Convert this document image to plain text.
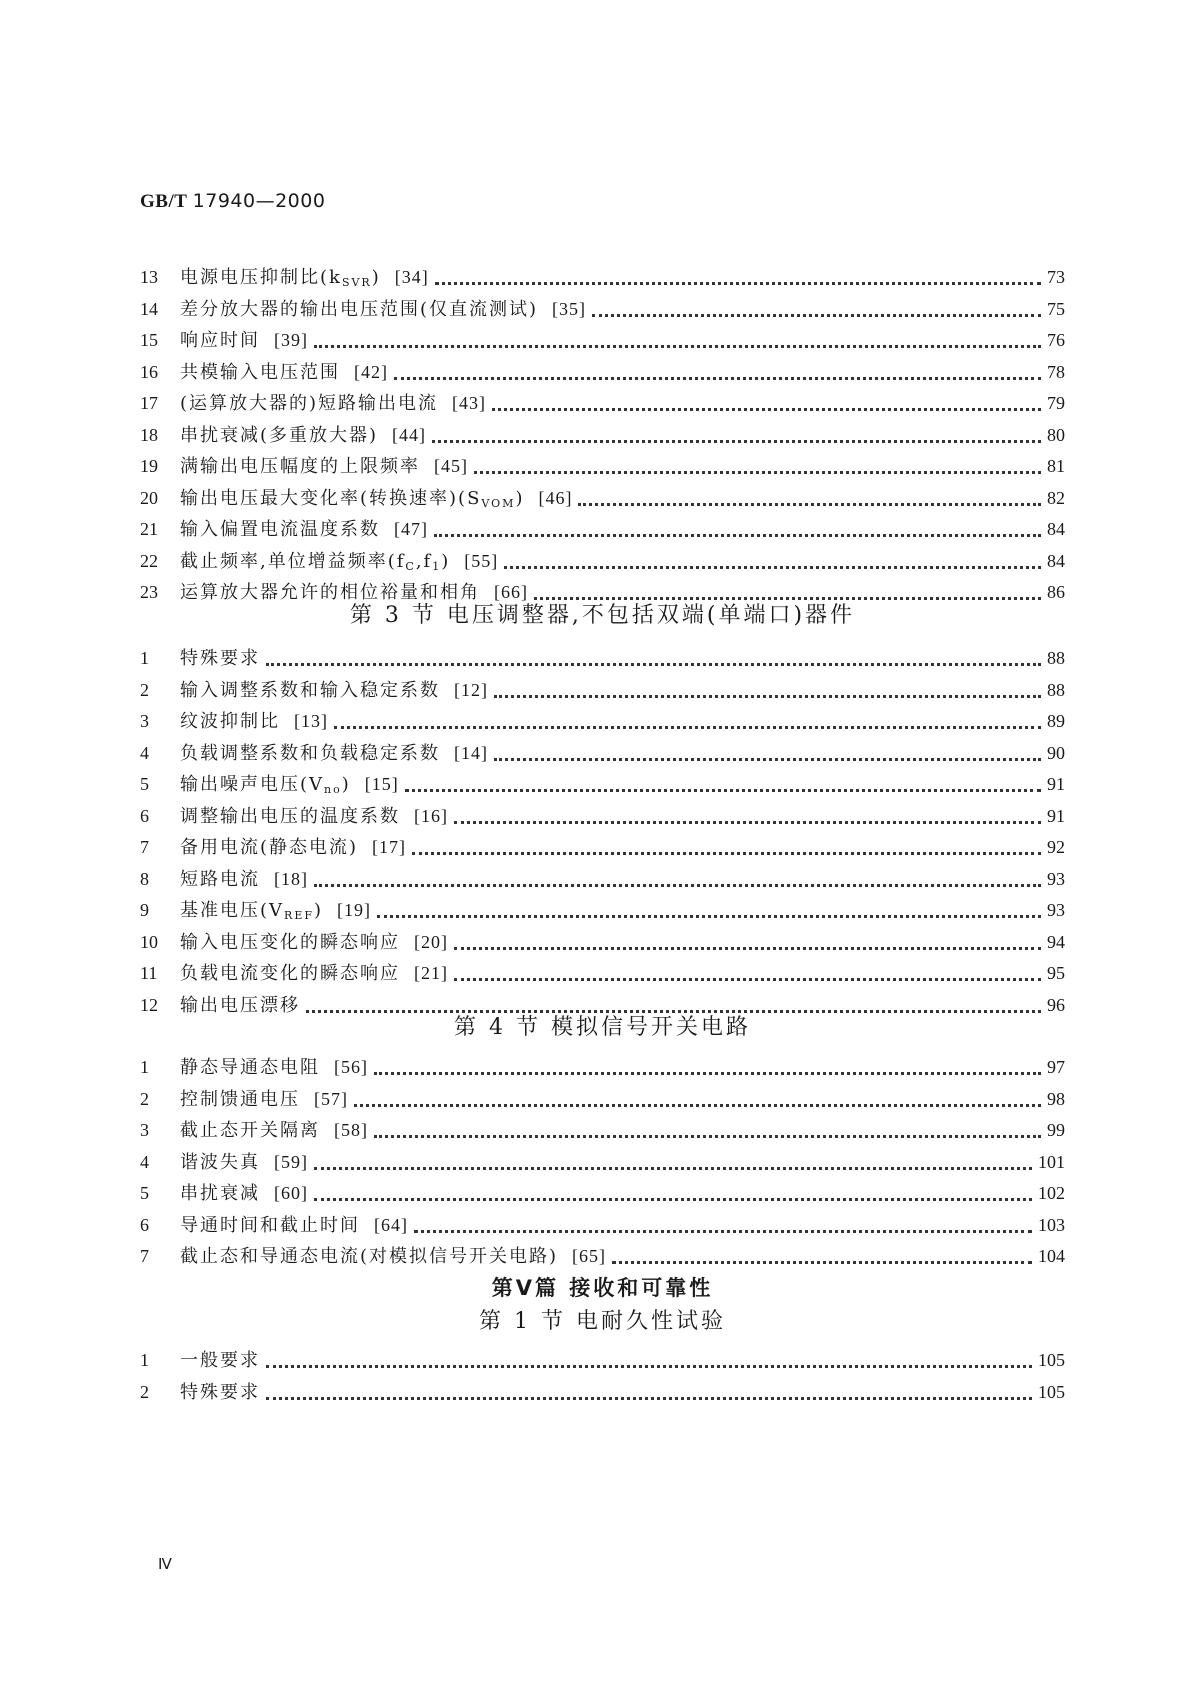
GB/T 17940—2000
13	电源电压抑制比$(k_{SVR})$ [34]	73
14	差分放大器的输出电压范围(仅直流测试) [35]	75
15	响应时间 [39]	76
16	共模输入电压范围 [42]	78
17	(运算放大器的)短路输出电流 [43]	79
18	串扰衰减(多重放大器) [44]	80
19	满输出电压幅度的上限频率 [45]	81
20	输出电压最大变化率(转换速率)$(S_{VOM})$ [46]	82
21	输入偏置电流温度系数 [47]	84
22	截止频率,单位增益频率$(f_C,f_1)$ [55]	84
23	运算放大器允许的相位裕量和相角 [66]	86
第 3 节 电压调整器,不包括双端(单端口)器件
1	特殊要求	88
2	输入调整系数和输入稳定系数 [12]	88
3	纹波抑制比 [13]	89
4	负载调整系数和负载稳定系数 [14]	90
5	输出噪声电压$(V_{no})$ [15]	91
6	调整输出电压的温度系数 [16]	91
7	备用电流(静态电流) [17]	92
8	短路电流 [18]	93
9	基准电压$(V_{REF})$ [19]	93
10	输入电压变化的瞬态响应 [20]	94
11	负载电流变化的瞬态响应 [21]	95
12	输出电压漂移	96
第 4 节 模拟信号开关电路
1	静态导通态电阻 [56]	97
2	控制馈通电压 [57]	98
3	截止态开关隔离 [58]	99
4	谐波失真 [59]	101
5	串扰衰减 [60]	102
6	导通时间和截止时间 [64]	103
7	截止态和导通态电流(对模拟信号开关电路) [65]	104
第Ⅴ篇 接收和可靠性
第 1 节 电耐久性试验
1	一般要求	105
2	特殊要求	105
Ⅳ
